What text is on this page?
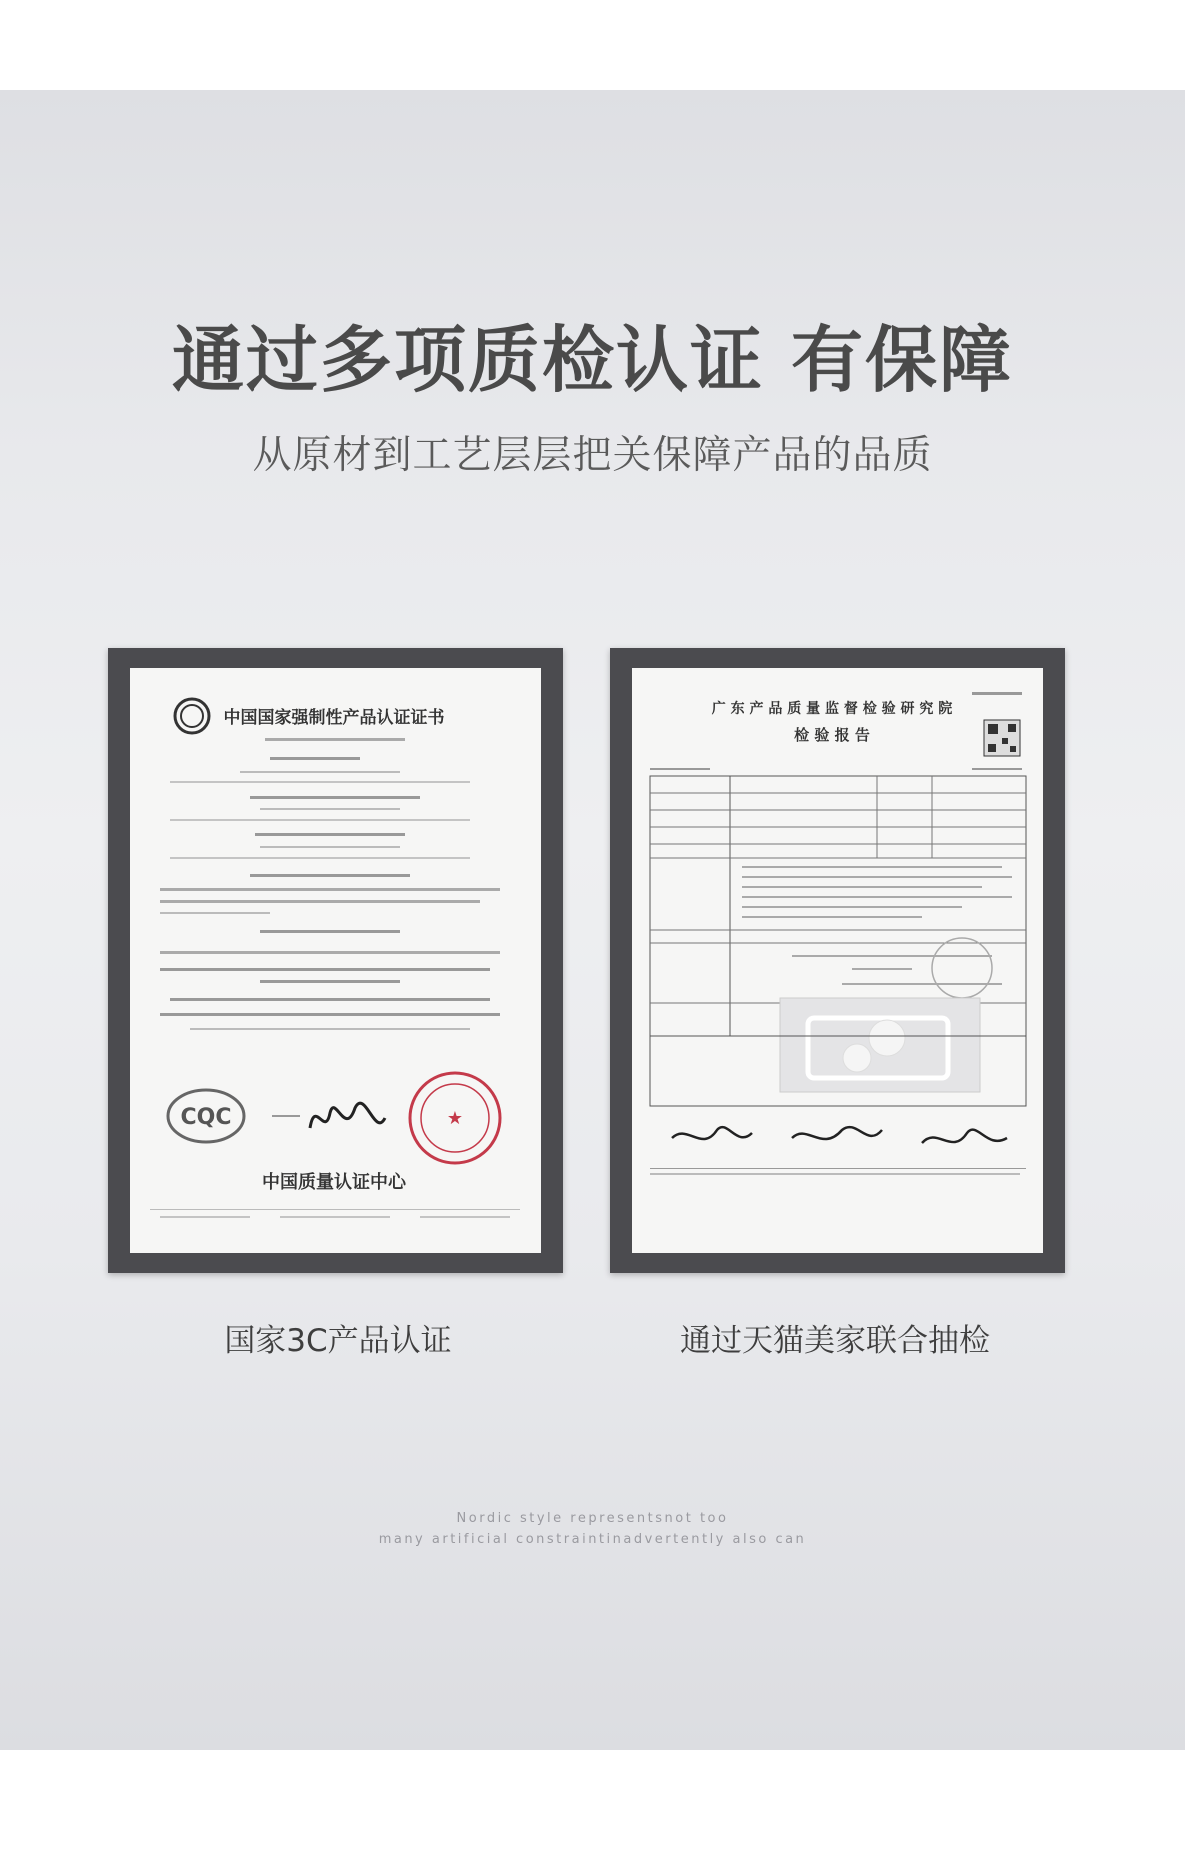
通过多项质检认证 有保障

从原材到工艺层层把关保障产品的品质

中国国家强制性产品认证证书
CQC	★
中国质量认证中心

国家3C产品认证

广 东 产 品 质 量 监 督 检 验 研 究 院
检 验 报 告

通过天猫美家联合抽检

Nordic style representsnot too
many artificial constraintinadvertently also can
